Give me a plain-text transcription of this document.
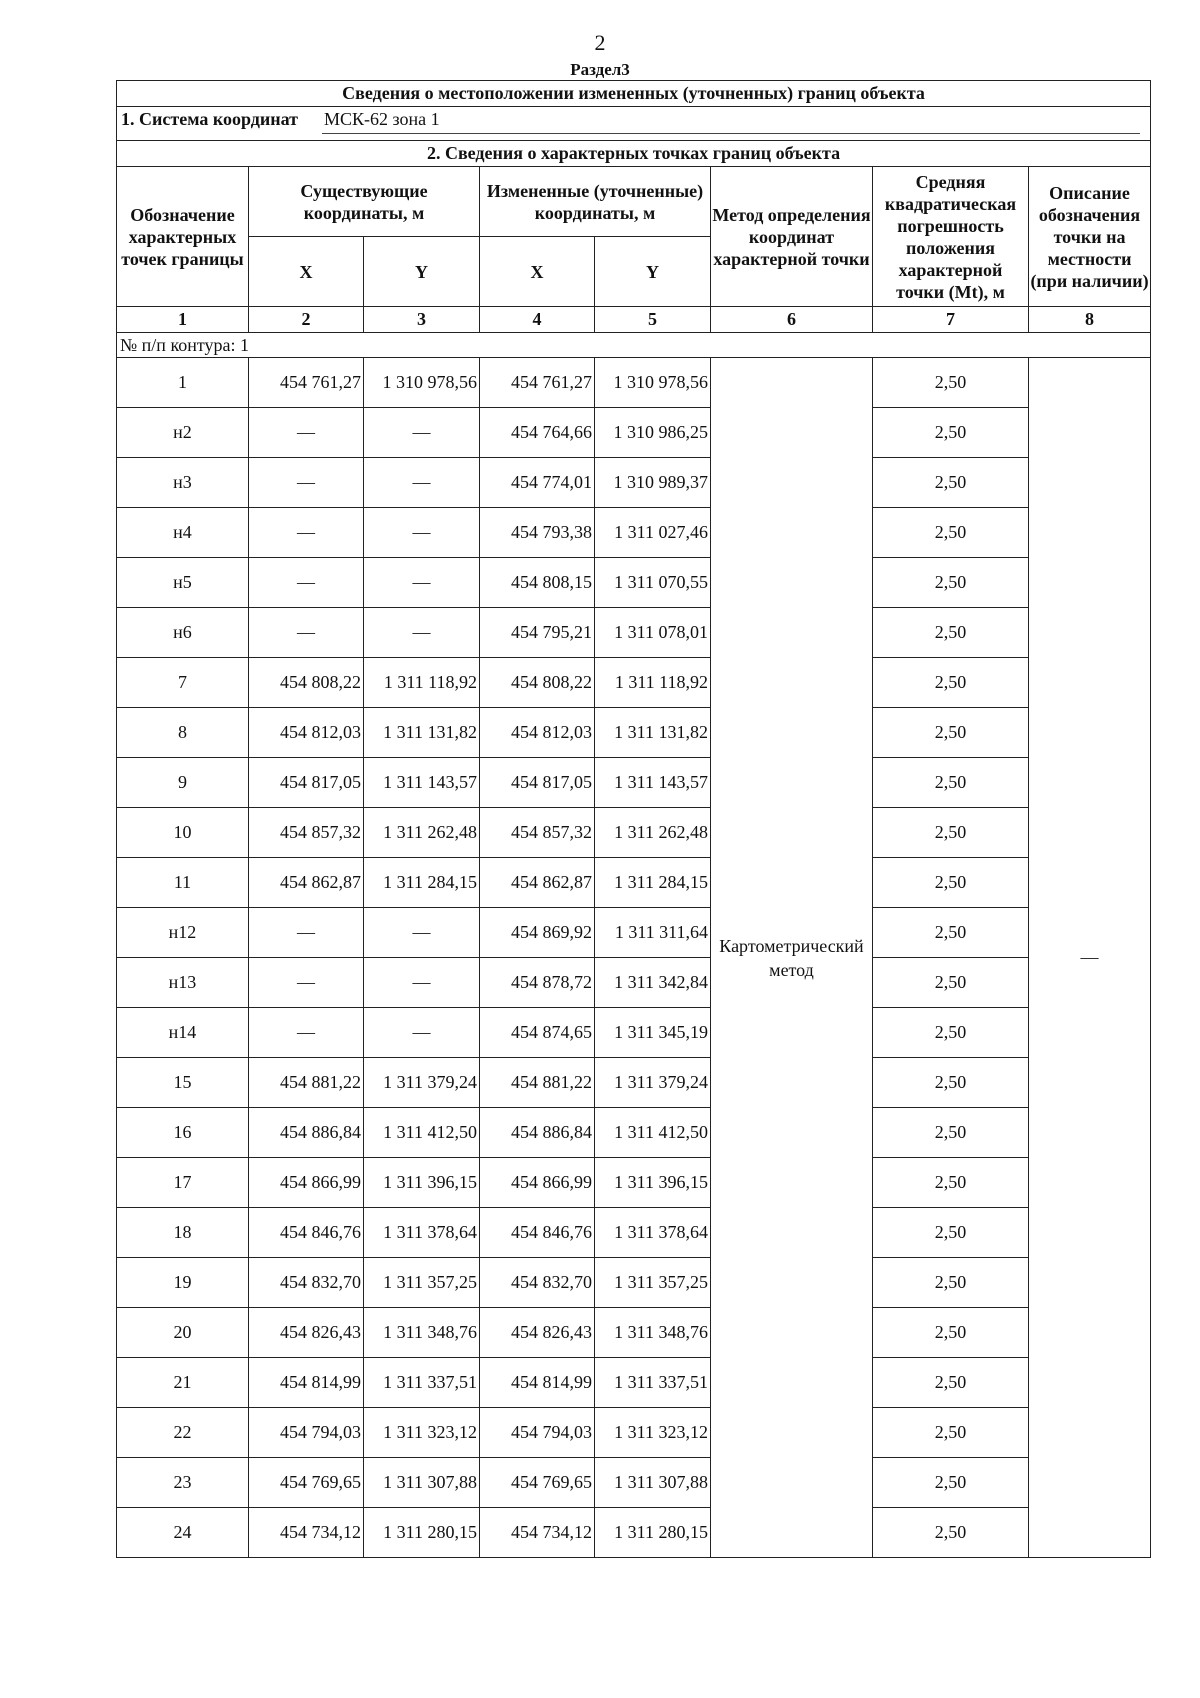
2
Раздел3
Сведения о местоположении измененных (уточненных) границ объекта							

1. Система координат МСК-62 зона 1							

2. Сведения о характерных точках границ объекта							
Обозначение характерных точек границы	Существующие координаты, м		Измененные (уточненные) координаты, м		Метод определения координат характерной точки	Средняя квадратическая погрешность положения характерной точки (Mt), м	Описание обозначения точки на местности (при наличии)
	X	Y	X	Y			
1	2	3	4	5	6	7	8
№ п/п контура: 1							
1	454 761,27	1 310 978,56	454 761,27	1 310 978,56	Картометрический метод	2,50	—
н2	—	—	454 764,66	1 310 986,25		2,50	
н3	—	—	454 774,01	1 310 989,37		2,50	
н4	—	—	454 793,38	1 311 027,46		2,50	
н5	—	—	454 808,15	1 311 070,55		2,50	
н6	—	—	454 795,21	1 311 078,01		2,50	
7	454 808,22	1 311 118,92	454 808,22	1 311 118,92		2,50	
8	454 812,03	1 311 131,82	454 812,03	1 311 131,82		2,50	
9	454 817,05	1 311 143,57	454 817,05	1 311 143,57		2,50	
10	454 857,32	1 311 262,48	454 857,32	1 311 262,48		2,50	
11	454 862,87	1 311 284,15	454 862,87	1 311 284,15		2,50	
н12	—	—	454 869,92	1 311 311,64		2,50	
н13	—	—	454 878,72	1 311 342,84		2,50	
н14	—	—	454 874,65	1 311 345,19		2,50	
15	454 881,22	1 311 379,24	454 881,22	1 311 379,24		2,50	
16	454 886,84	1 311 412,50	454 886,84	1 311 412,50		2,50	
17	454 866,99	1 311 396,15	454 866,99	1 311 396,15		2,50	
18	454 846,76	1 311 378,64	454 846,76	1 311 378,64		2,50	
19	454 832,70	1 311 357,25	454 832,70	1 311 357,25		2,50	
20	454 826,43	1 311 348,76	454 826,43	1 311 348,76		2,50	
21	454 814,99	1 311 337,51	454 814,99	1 311 337,51		2,50	
22	454 794,03	1 311 323,12	454 794,03	1 311 323,12		2,50	
23	454 769,65	1 311 307,88	454 769,65	1 311 307,88		2,50	
24	454 734,12	1 311 280,15	454 734,12	1 311 280,15		2,50	
